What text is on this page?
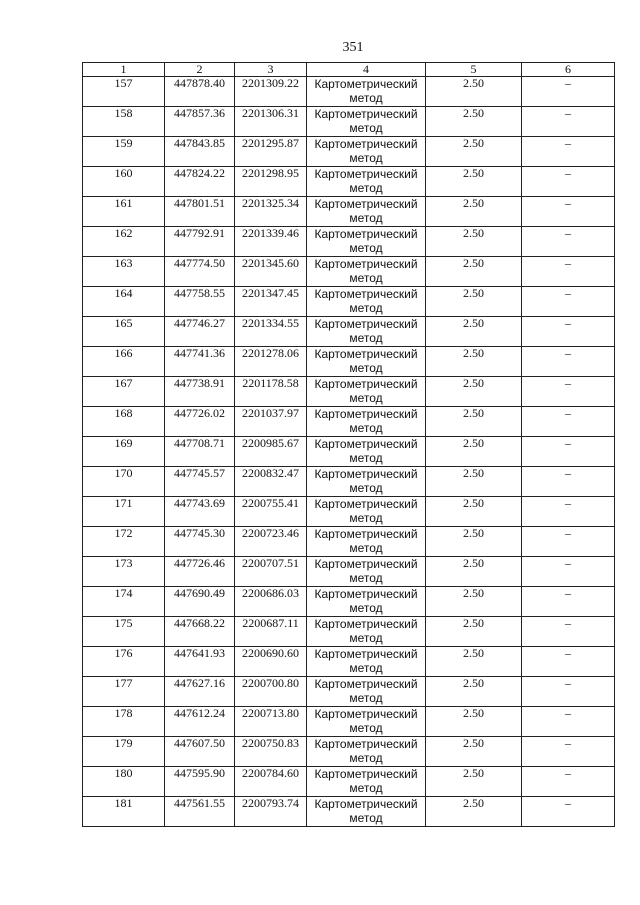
351
1	2	3	4	5	6
157	447878.40	2201309.22	Картометрический метод	2.50	–
158	447857.36	2201306.31	Картометрический метод	2.50	–
159	447843.85	2201295.87	Картометрический метод	2.50	–
160	447824.22	2201298.95	Картометрический метод	2.50	–
161	447801.51	2201325.34	Картометрический метод	2.50	–
162	447792.91	2201339.46	Картометрический метод	2.50	–
163	447774.50	2201345.60	Картометрический метод	2.50	–
164	447758.55	2201347.45	Картометрический метод	2.50	–
165	447746.27	2201334.55	Картометрический метод	2.50	–
166	447741.36	2201278.06	Картометрический метод	2.50	–
167	447738.91	2201178.58	Картометрический метод	2.50	–
168	447726.02	2201037.97	Картометрический метод	2.50	–
169	447708.71	2200985.67	Картометрический метод	2.50	–
170	447745.57	2200832.47	Картометрический метод	2.50	–
171	447743.69	2200755.41	Картометрический метод	2.50	–
172	447745.30	2200723.46	Картометрический метод	2.50	–
173	447726.46	2200707.51	Картометрический метод	2.50	–
174	447690.49	2200686.03	Картометрический метод	2.50	–
175	447668.22	2200687.11	Картометрический метод	2.50	–
176	447641.93	2200690.60	Картометрический метод	2.50	–
177	447627.16	2200700.80	Картометрический метод	2.50	–
178	447612.24	2200713.80	Картометрический метод	2.50	–
179	447607.50	2200750.83	Картометрический метод	2.50	–
180	447595.90	2200784.60	Картометрический метод	2.50	–
181	447561.55	2200793.74	Картометрический метод	2.50	–
